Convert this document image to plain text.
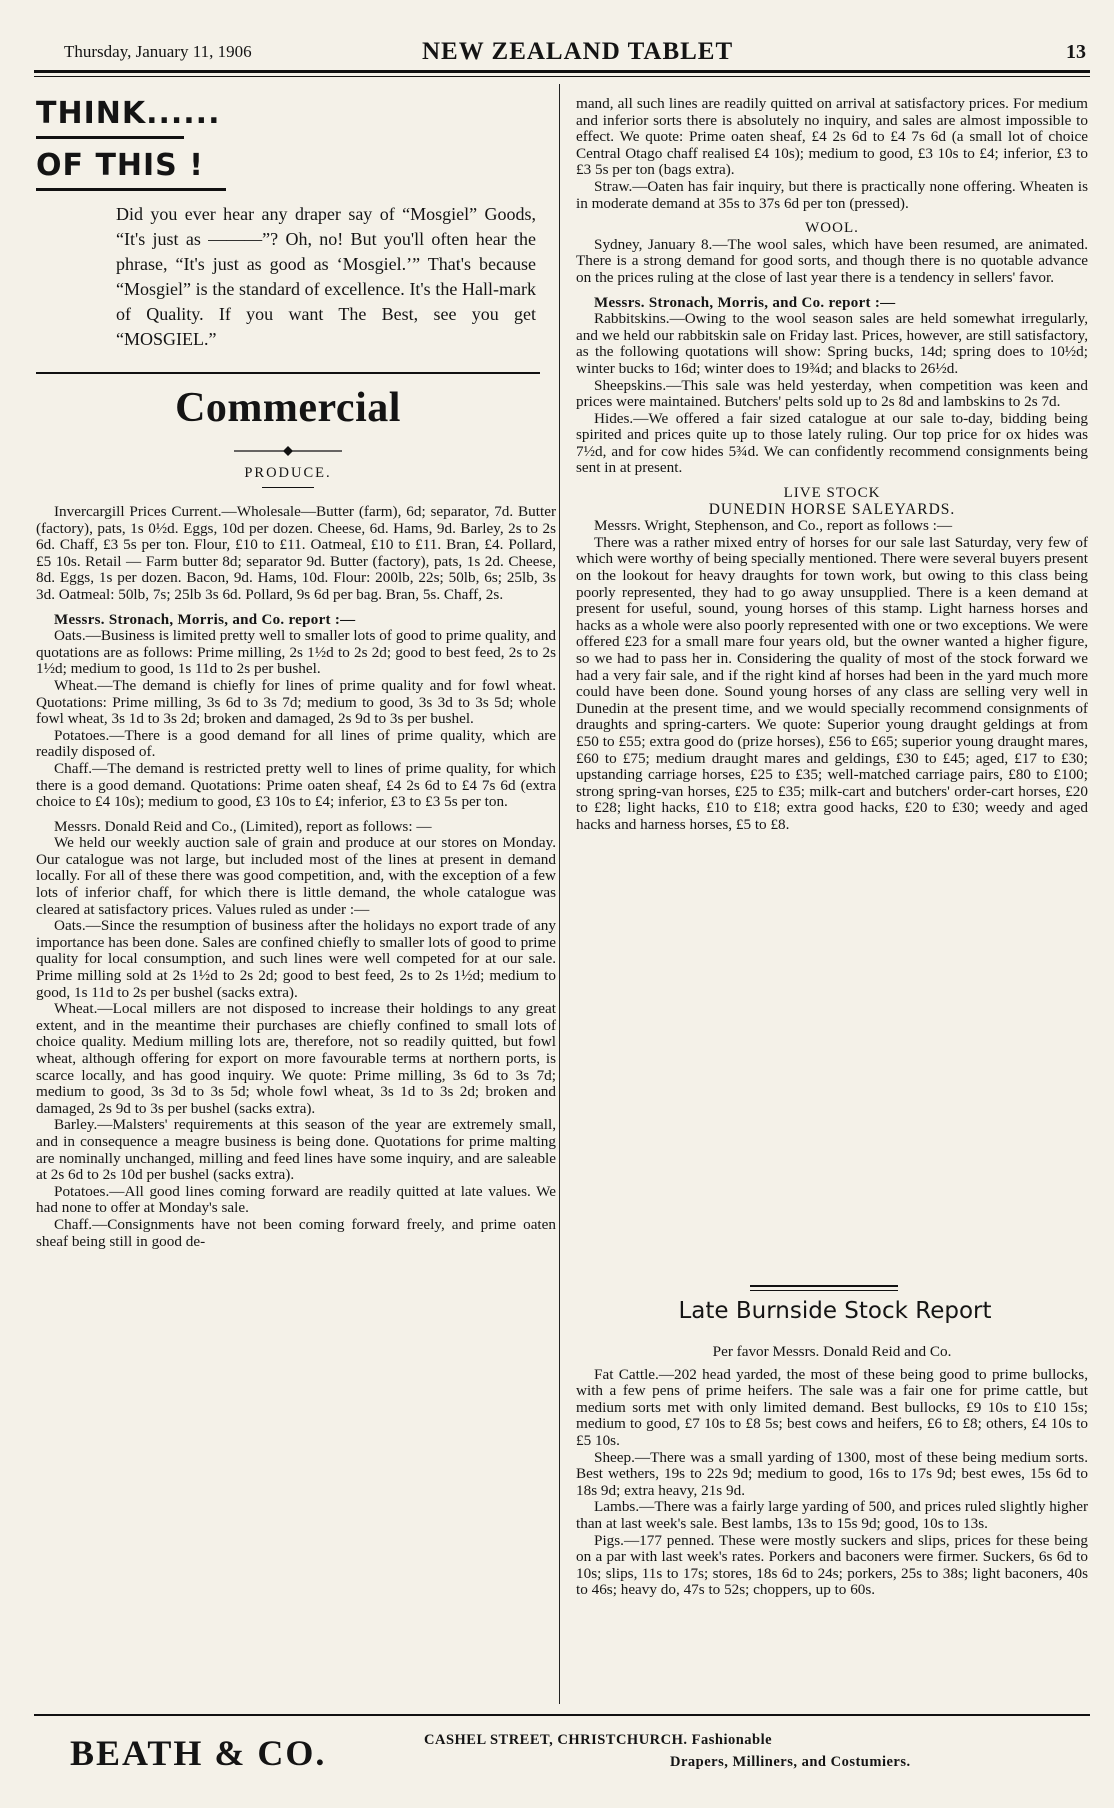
Thursday, January 11, 1906	NEW ZEALAND TABLET	13
THINK......
OF THIS !
Did you ever hear any draper say of “Mosgiel” Goods, “It's just as ———”? Oh, no! But you'll often hear the phrase, “It's just as good as ‘Mosgiel.’” That's because “Mosgiel” is the standard of excellence. It's the Hall-mark of Quality. If you want The Best, see you get “MOSGIEL.”
Commercial
PRODUCE.

Invercargill Prices Current.—Wholesale—Butter (farm), 6d; separator, 7d. Butter (factory), pats, 1s 0½d. Eggs, 10d per dozen. Cheese, 6d. Hams, 9d. Barley, 2s to 2s 6d. Chaff, £3 5s per ton. Flour, £10 to £11. Oatmeal, £10 to £11. Bran, £4. Pollard, £5 10s. Retail — Farm butter 8d; separator 9d. Butter (factory), pats, 1s 2d. Cheese, 8d. Eggs, 1s per dozen. Bacon, 9d. Hams, 10d. Flour: 200lb, 22s; 50lb, 6s; 25lb, 3s 3d. Oatmeal: 50lb, 7s; 25lb 3s 6d. Pollard, 9s 6d per bag. Bran, 5s. Chaff, 2s.

Messrs. Stronach, Morris, and Co. report :—

Oats.—Business is limited pretty well to smaller lots of good to prime quality, and quotations are as follows: Prime milling, 2s 1½d to 2s 2d; good to best feed, 2s to 2s 1½d; medium to good, 1s 11d to 2s per bushel.

Wheat.—The demand is chiefly for lines of prime quality and for fowl wheat. Quotations: Prime milling, 3s 6d to 3s 7d; medium to good, 3s 3d to 3s 5d; whole fowl wheat, 3s 1d to 3s 2d; broken and damaged, 2s 9d to 3s per bushel.

Potatoes.—There is a good demand for all lines of prime quality, which are readily disposed of.

Chaff.—The demand is restricted pretty well to lines of prime quality, for which there is a good demand. Quotations: Prime oaten sheaf, £4 2s 6d to £4 7s 6d (extra choice to £4 10s); medium to good, £3 10s to £4; inferior, £3 to £3 5s per ton.

Messrs. Donald Reid and Co., (Limited), report as follows: —

We held our weekly auction sale of grain and produce at our stores on Monday. Our catalogue was not large, but included most of the lines at present in demand locally. For all of these there was good competition, and, with the exception of a few lots of inferior chaff, for which there is little demand, the whole catalogue was cleared at satisfactory prices. Values ruled as under :—

Oats.—Since the resumption of business after the holidays no export trade of any importance has been done. Sales are confined chiefly to smaller lots of good to prime quality for local consumption, and such lines were well competed for at our sale. Prime milling sold at 2s 1½d to 2s 2d; good to best feed, 2s to 2s 1½d; medium to good, 1s 11d to 2s per bushel (sacks extra).

Wheat.—Local millers are not disposed to increase their holdings to any great extent, and in the meantime their purchases are chiefly confined to small lots of choice quality. Medium milling lots are, therefore, not so readily quitted, but fowl wheat, although offering for export on more favourable terms at northern ports, is scarce locally, and has good inquiry. We quote: Prime milling, 3s 6d to 3s 7d; medium to good, 3s 3d to 3s 5d; whole fowl wheat, 3s 1d to 3s 2d; broken and damaged, 2s 9d to 3s per bushel (sacks extra).

Barley.—Malsters' requirements at this season of the year are extremely small, and in consequence a meagre business is being done. Quotations for prime malting are nominally unchanged, milling and feed lines have some inquiry, and are saleable at 2s 6d to 2s 10d per bushel (sacks extra).

Potatoes.—All good lines coming forward are readily quitted at late values. We had none to offer at Monday's sale.

Chaff.—Consignments have not been coming forward freely, and prime oaten sheaf being still in good de-

mand, all such lines are readily quitted on arrival at satisfactory prices. For medium and inferior sorts there is absolutely no inquiry, and sales are almost impossible to effect. We quote: Prime oaten sheaf, £4 2s 6d to £4 7s 6d (a small lot of choice Central Otago chaff realised £4 10s); medium to good, £3 10s to £4; inferior, £3 to £3 5s per ton (bags extra).

Straw.—Oaten has fair inquiry, but there is practically none offering. Wheaten is in moderate demand at 35s to 37s 6d per ton (pressed).

WOOL.

Sydney, January 8.—The wool sales, which have been resumed, are animated. There is a strong demand for good sorts, and though there is no quotable advance on the prices ruling at the close of last year there is a tendency in sellers' favor.

Messrs. Stronach, Morris, and Co. report :—

Rabbitskins.—Owing to the wool season sales are held somewhat irregularly, and we held our rabbitskin sale on Friday last. Prices, however, are still satisfactory, as the following quotations will show: Spring bucks, 14d; spring does to 10½d; winter bucks to 16d; winter does to 19¾d; and blacks to 26½d.

Sheepskins.—This sale was held yesterday, when competition was keen and prices were maintained. Butchers' pelts sold up to 2s 8d and lambskins to 2s 7d.

Hides.—We offered a fair sized catalogue at our sale to-day, bidding being spirited and prices quite up to those lately ruling. Our top price for ox hides was 7½d, and for cow hides 5¾d. We can confidently recommend consignments being sent in at present.

LIVE STOCK

DUNEDIN HORSE SALEYARDS.

Messrs. Wright, Stephenson, and Co., report as follows :—

There was a rather mixed entry of horses for our sale last Saturday, very few of which were worthy of being specially mentioned. There were several buyers present on the lookout for heavy draughts for town work, but owing to this class being poorly represented, they had to go away unsupplied. There is a keen demand at present for useful, sound, young horses of this stamp. Light harness horses and hacks as a whole were also poorly represented with one or two exceptions. We were offered £23 for a small mare four years old, but the owner wanted a higher figure, so we had to pass her in. Considering the quality of most of the stock forward we had a very fair sale, and if the right kind af horses had been in the yard much more could have been done. Sound young horses of any class are selling very well in Dunedin at the present time, and we would specially recommend consignments of draughts and spring-carters. We quote: Superior young draught geldings at from £50 to £55; extra good do (prize horses), £56 to £65; superior young draught mares, £60 to £75; medium draught mares and geldings, £30 to £45; aged, £17 to £30; upstanding carriage horses, £25 to £35; well-matched carriage pairs, £80 to £100; strong spring-van horses, £25 to £35; milk-cart and butchers' order-cart horses, £20 to £28; light hacks, £10 to £18; extra good hacks, £20 to £30; weedy and aged hacks and harness horses, £5 to £8.

Late Burnside Stock Report

Per favor Messrs. Donald Reid and Co.

Fat Cattle.—202 head yarded, the most of these being good to prime bullocks, with a few pens of prime heifers. The sale was a fair one for prime cattle, but medium sorts met with only limited demand. Best bullocks, £9 10s to £10 15s; medium to good, £7 10s to £8 5s; best cows and heifers, £6 to £8; others, £4 10s to £5 10s.

Sheep.—There was a small yarding of 1300, most of these being medium sorts. Best wethers, 19s to 22s 9d; medium to good, 16s to 17s 9d; best ewes, 15s 6d to 18s 9d; extra heavy, 21s 9d.

Lambs.—There was a fairly large yarding of 500, and prices ruled slightly higher than at last week's sale. Best lambs, 13s to 15s 9d; good, 10s to 13s.

Pigs.—177 penned. These were mostly suckers and slips, prices for these being on a par with last week's rates. Porkers and baconers were firmer. Suckers, 6s 6d to 10s; slips, 11s to 17s; stores, 18s 6d to 24s; porkers, 25s to 38s; light baconers, 40s to 46s; heavy do, 47s to 52s; choppers, up to 60s.

BEATH & CO.	CASHEL STREET, CHRISTCHURCH. Fashionable
Drapers, Milliners, and Costumiers.
